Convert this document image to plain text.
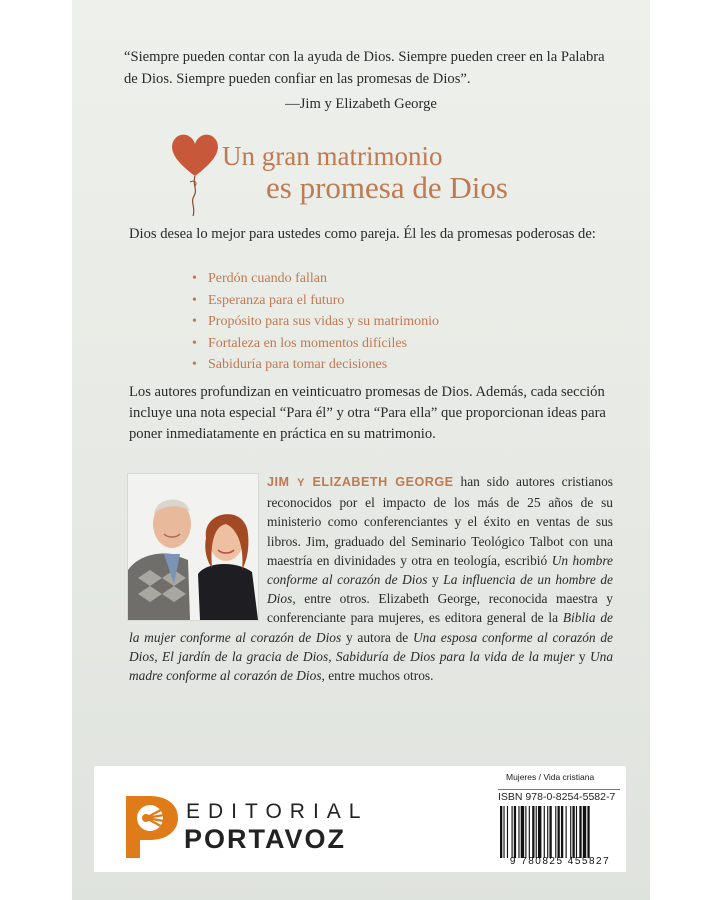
“Siempre pueden contar con la ayuda de Dios. Siempre pueden creer en la Palabra de Dios. Siempre pueden confiar en las promesas de Dios”.
—Jim y Elizabeth George
Un gran matrimonio
es promesa de Dios
Dios desea lo mejor para ustedes como pareja. Él les da promesas poderosas de:
• Perdón cuando fallan
• Esperanza para el futuro
• Propósito para sus vidas y su matrimonio
• Fortaleza en los momentos difíciles
• Sabiduría para tomar decisiones
Los autores profundizan en veinticuatro promesas de Dios. Además, cada sección incluye una nota especial “Para él” y otra “Para ella” que proporcionan ideas para poner inmediatamente en práctica en su matrimonio.
JIM Y ELIZABETH GEORGE han sido autores cristianos reconocidos por el impacto de los más de 25 años de su ministerio como conferenciantes y el éxito en ventas de sus libros. Jim, graduado del Seminario Teológico Talbot con una maestría en divinidades y otra en teología, escribió Un hombre conforme al corazón de Dios y La influencia de un hombre de Dios, entre otros. Elizabeth George, reconocida maestra y conferenciante para mujeres, es editora general de la Biblia de la mujer conforme al corazón de Dios y autora de Una esposa conforme al corazón de Dios, El jardín de la gracia de Dios, Sabiduría de Dios para la vida de la mujer y Una madre conforme al corazón de Dios, entre muchos otros.
EDITORIAL
PORTAVOZ
Mujeres / Vida cristiana
ISBN 978-0-8254-5582-7
9 780825 455827
